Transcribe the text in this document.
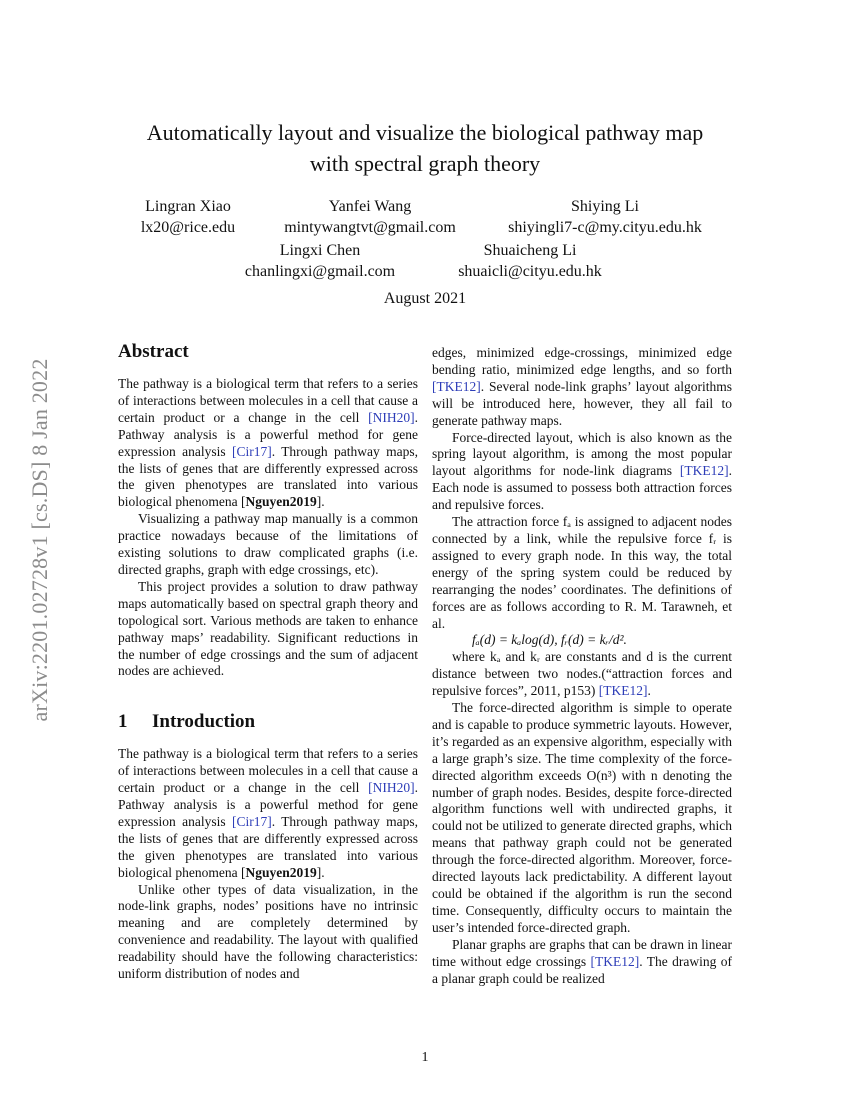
arXiv:2201.02728v1 [cs.DS] 8 Jan 2022
Automatically layout and visualize the biological pathway map
with spectral graph theory
Lingran Xiao
lx20@rice.edu
Yanfei Wang
mintywangtvt@gmail.com
Shiying Li
shiyingli7-c@my.cityu.edu.hk
Lingxi Chen
chanlingxi@gmail.com
Shuaicheng Li
shuaicli@cityu.edu.hk
August 2021
Abstract

The pathway is a biological term that refers to a series of interactions between molecules in a cell that cause a certain product or a change in the cell [NIH20]. Pathway analysis is a powerful method for gene expression analysis [Cir17]. Through pathway maps, the lists of genes that are differently expressed across the given phenotypes are translated into various biological phenomena [Nguyen2019].

Visualizing a pathway map manually is a common practice nowadays because of the limitations of existing solutions to draw complicated graphs (i.e. directed graphs, graph with edge crossings, etc).

This project provides a solution to draw pathway maps automatically based on spectral graph theory and topological sort. Various methods are taken to enhance pathway maps’ readability. Significant reductions in the number of edge crossings and the sum of adjacent nodes are achieved.

1 Introduction

The pathway is a biological term that refers to a series of interactions between molecules in a cell that cause a certain product or a change in the cell [NIH20]. Pathway analysis is a powerful method for gene expression analysis [Cir17]. Through pathway maps, the lists of genes that are differently expressed across the given phenotypes are translated into various biological phenomena [Nguyen2019].

Unlike other types of data visualization, in the node-link graphs, nodes’ positions have no intrinsic meaning and are completely determined by convenience and readability. The layout with qualified readability should have the following characteristics: uniform distribution of nodes and

edges, minimized edge-crossings, minimized edge bending ratio, minimized edge lengths, and so forth [TKE12]. Several node-link graphs’ layout algorithms will be introduced here, however, they all fail to generate pathway maps.

Force-directed layout, which is also known as the spring layout algorithm, is among the most popular layout algorithms for node-link diagrams [TKE12]. Each node is assumed to possess both attraction forces and repulsive forces.

The attraction force fₐ is assigned to adjacent nodes connected by a link, while the repulsive force fᵣ is assigned to every graph node. In this way, the total energy of the spring system could be reduced by rearranging the nodes’ coordinates. The definitions of forces are as follows according to R. M. Tarawneh, et al.

fₐ(d) = kₐlog(d), fᵣ(d) = kᵣ/d².

where kₐ and kᵣ are constants and d is the current distance between two nodes.(“attraction forces and repulsive forces”, 2011, p153) [TKE12].

The force-directed algorithm is simple to operate and is capable to produce symmetric layouts. However, it’s regarded as an expensive algorithm, especially with a large graph’s size. The time complexity of the force-directed algorithm exceeds O(n³) with n denoting the number of graph nodes. Besides, despite force-directed algorithm functions well with undirected graphs, it could not be utilized to generate directed graphs, which means that pathway graph could not be generated through the force-directed algorithm. Moreover, force-directed layouts lack predictability. A different layout could be obtained if the algorithm is run the second time. Consequently, difficulty occurs to maintain the user’s intended force-directed graph.

Planar graphs are graphs that can be drawn in linear time without edge crossings [TKE12]. The drawing of a planar graph could be realized

1
